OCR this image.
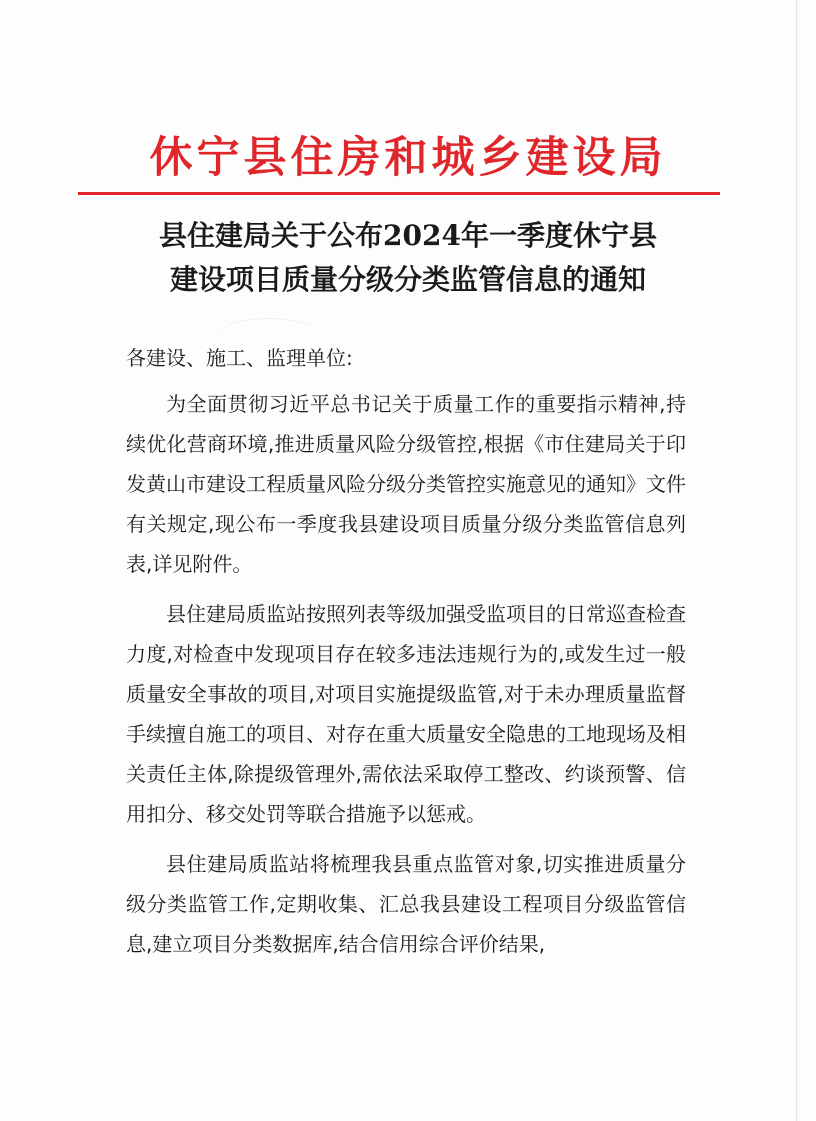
休宁县住房和城乡建设局
县住建局关于公布2024年一季度休宁县
建设项目质量分级分类监管信息的通知
各建设、施工、监理单位:

为全面贯彻习近平总书记关于质量工作的重要指示精神,持续优化营商环境,推进质量风险分级管控,根据《市住建局关于印发黄山市建设工程质量风险分级分类管控实施意见的通知》文件有关规定,现公布一季度我县建设项目质量分级分类监管信息列表,详见附件。

县住建局质监站按照列表等级加强受监项目的日常巡查检查力度,对检查中发现项目存在较多违法违规行为的,或发生过一般质量安全事故的项目,对项目实施提级监管,对于未办理质量监督手续擅自施工的项目、对存在重大质量安全隐患的工地现场及相关责任主体,除提级管理外,需依法采取停工整改、约谈预警、信用扣分、移交处罚等联合措施予以惩戒。

县住建局质监站将梳理我县重点监管对象,切实推进质量分级分类监管工作,定期收集、汇总我县建设工程项目分级监管信息,建立项目分类数据库,结合信用综合评价结果,
